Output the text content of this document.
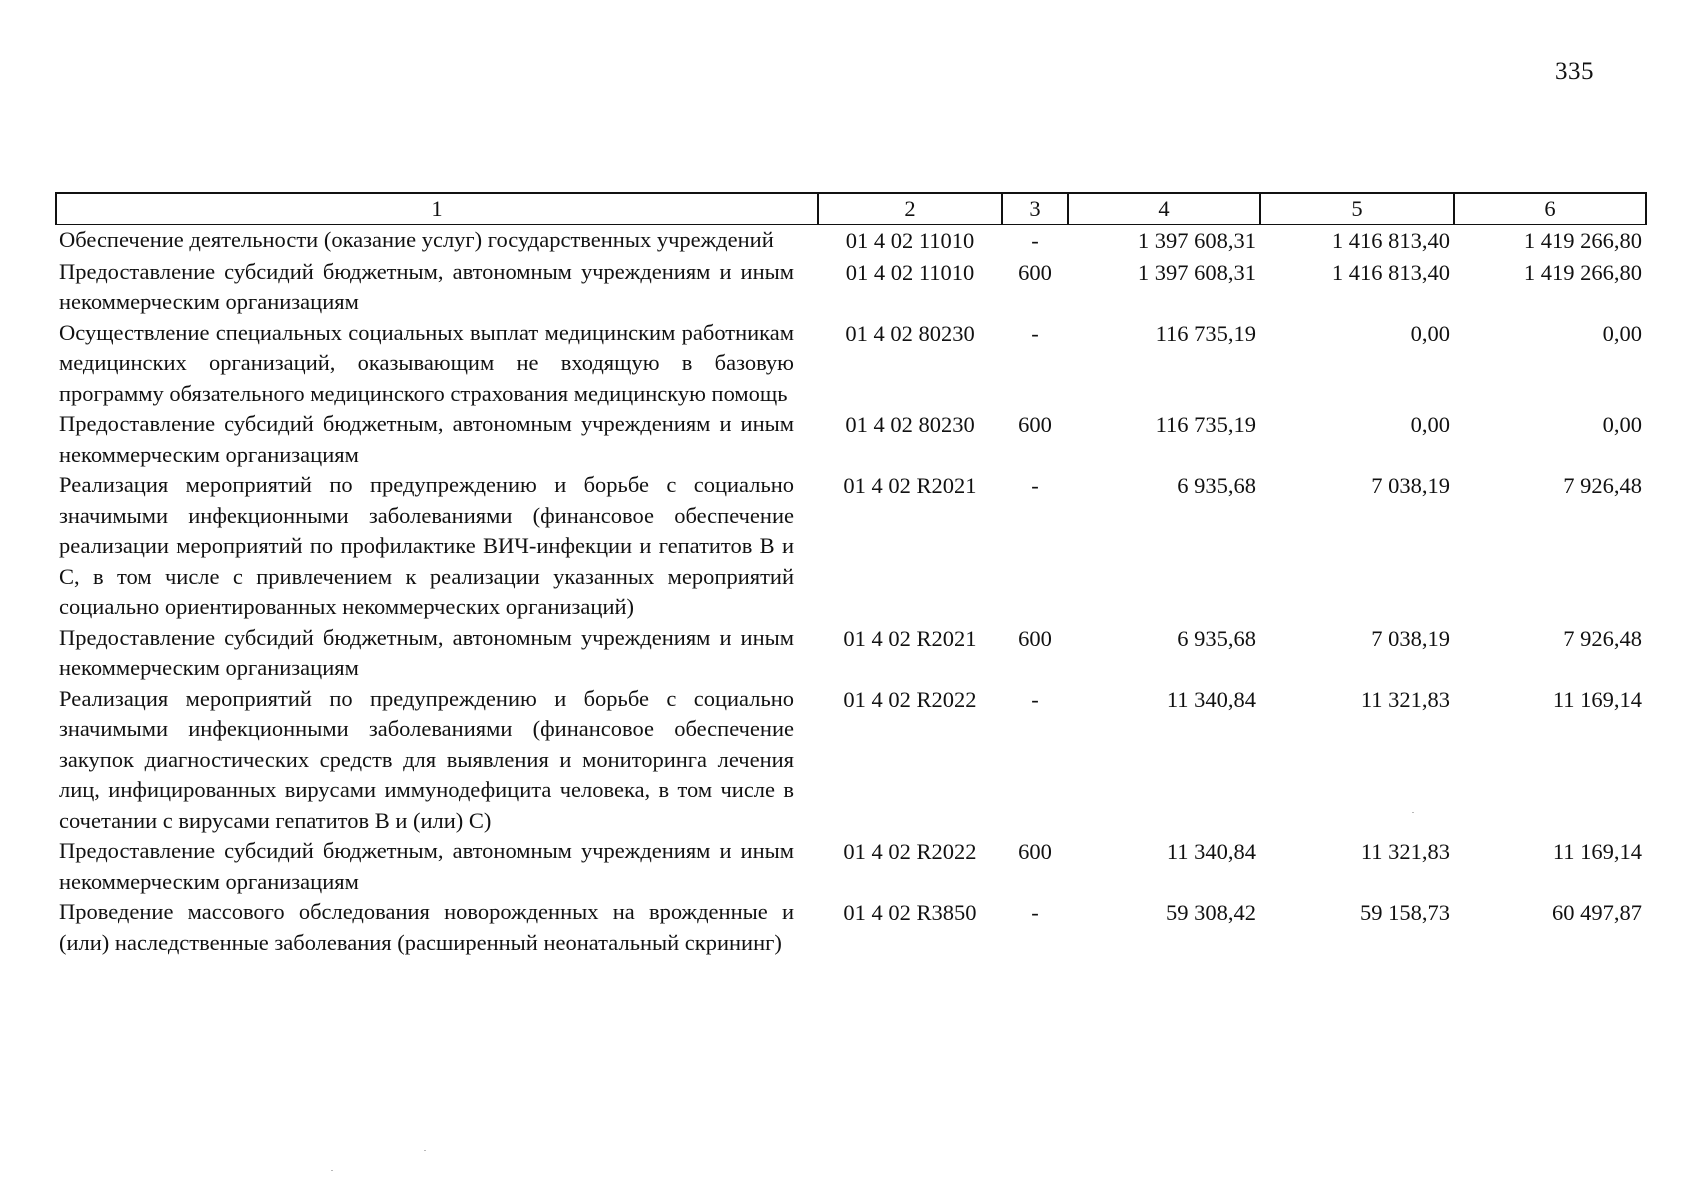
335
1	2	3	4	5	6
Обеспечение деятельности (оказание услуг) государственных учреждений	01 4 02 11010	-	1 397 608,31	1 416 813,40	1 419 266,80
Предоставление субсидий бюджетным, автономным учреждениям и иным некоммерческим организациям	01 4 02 11010	600	1 397 608,31	1 416 813,40	1 419 266,80
Осуществление специальных социальных выплат медицинским работникам медицинских организаций, оказывающим не входящую в базовую программу обязательного медицинского страхования медицинскую помощь	01 4 02 80230	-	116 735,19	0,00	0,00
Предоставление субсидий бюджетным, автономным учреждениям и иным некоммерческим организациям	01 4 02 80230	600	116 735,19	0,00	0,00
Реализация мероприятий по предупреждению и борьбе с социально значимыми инфекционными заболеваниями (финансовое обеспечение реализации мероприятий по профилактике ВИЧ-инфекции и гепатитов В и С, в том числе с привлечением к реализации указанных мероприятий социально ориентированных некоммерческих организаций)	01 4 02 R2021	-	6 935,68	7 038,19	7 926,48
Предоставление субсидий бюджетным, автономным учреждениям и иным некоммерческим организациям	01 4 02 R2021	600	6 935,68	7 038,19	7 926,48
Реализация мероприятий по предупреждению и борьбе с социально значимыми инфекционными заболеваниями (финансовое обеспечение закупок диагностических средств для выявления и мониторинга лечения лиц, инфицированных вирусами иммунодефицита человека, в том числе в сочетании с вирусами гепатитов В и (или) С)	01 4 02 R2022	-	11 340,84	11 321,83	11 169,14
Предоставление субсидий бюджетным, автономным учреждениям и иным некоммерческим организациям	01 4 02 R2022	600	11 340,84	11 321,83	11 169,14
Проведение массового обследования новорожденных на врожденные и (или) наследственные заболевания (расширенный неонатальный скрининг)	01 4 02 R3850	-	59 308,42	59 158,73	60 497,87
